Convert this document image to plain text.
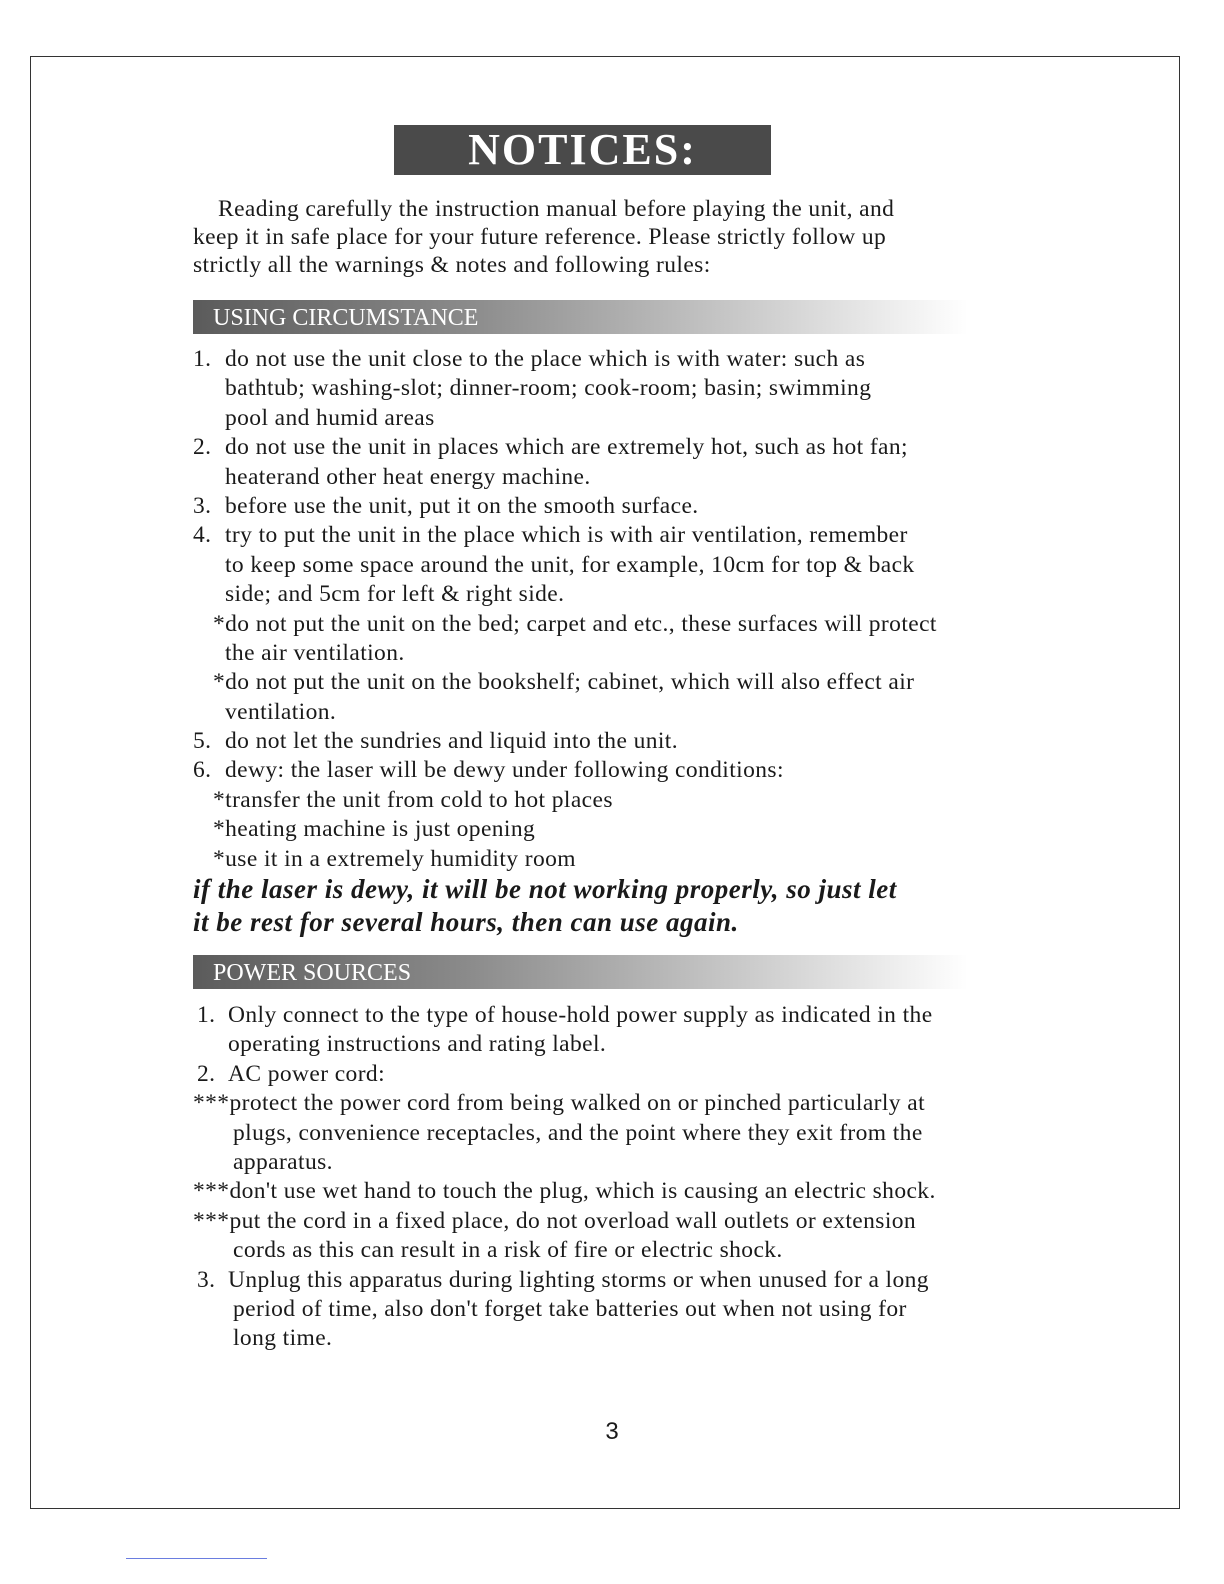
NOTICES:
Reading carefully the instruction manual before playing the unit, and
keep it in safe place for your future reference. Please strictly follow up
strictly all the warnings & notes and following rules:
USING CIRCUMSTANCE
1. do not use the unit close to the place which is with water: such as
bathtub; washing-slot; dinner-room; cook-room; basin; swimming
pool and humid areas
2. do not use the unit in places which are extremely hot, such as hot fan;
heaterand other heat energy machine.
3. before use the unit, put it on the smooth surface.
4. try to put the unit in the place which is with air ventilation, remember
to keep some space around the unit, for example, 10cm for top & back
side; and 5cm for left & right side.
*do not put the unit on the bed; carpet and etc., these surfaces will protect
the air ventilation.
*do not put the unit on the bookshelf; cabinet, which will also effect air
ventilation.
5. do not let the sundries and liquid into the unit.
6. dewy: the laser will be dewy under following conditions:
*transfer the unit from cold to hot places
*heating machine is just opening
*use it in a extremely humidity room
if the laser is dewy, it will be not working properly, so just let
it be rest for several hours, then can use again.
POWER SOURCES
1. Only connect to the type of house-hold power supply as indicated in the
operating instructions and rating label.
2. AC power cord:
***protect the power cord from being walked on or pinched particularly at
plugs, convenience receptacles, and the point where they exit from the
apparatus.
***don't use wet hand to touch the plug, which is causing an electric shock.
***put the cord in a fixed place, do not overload wall outlets or extension
cords as this can result in a risk of fire or electric shock.
3. Unplug this apparatus during lighting storms or when unused for a long
period of time, also don't forget take batteries out when not using for
long time.
3
